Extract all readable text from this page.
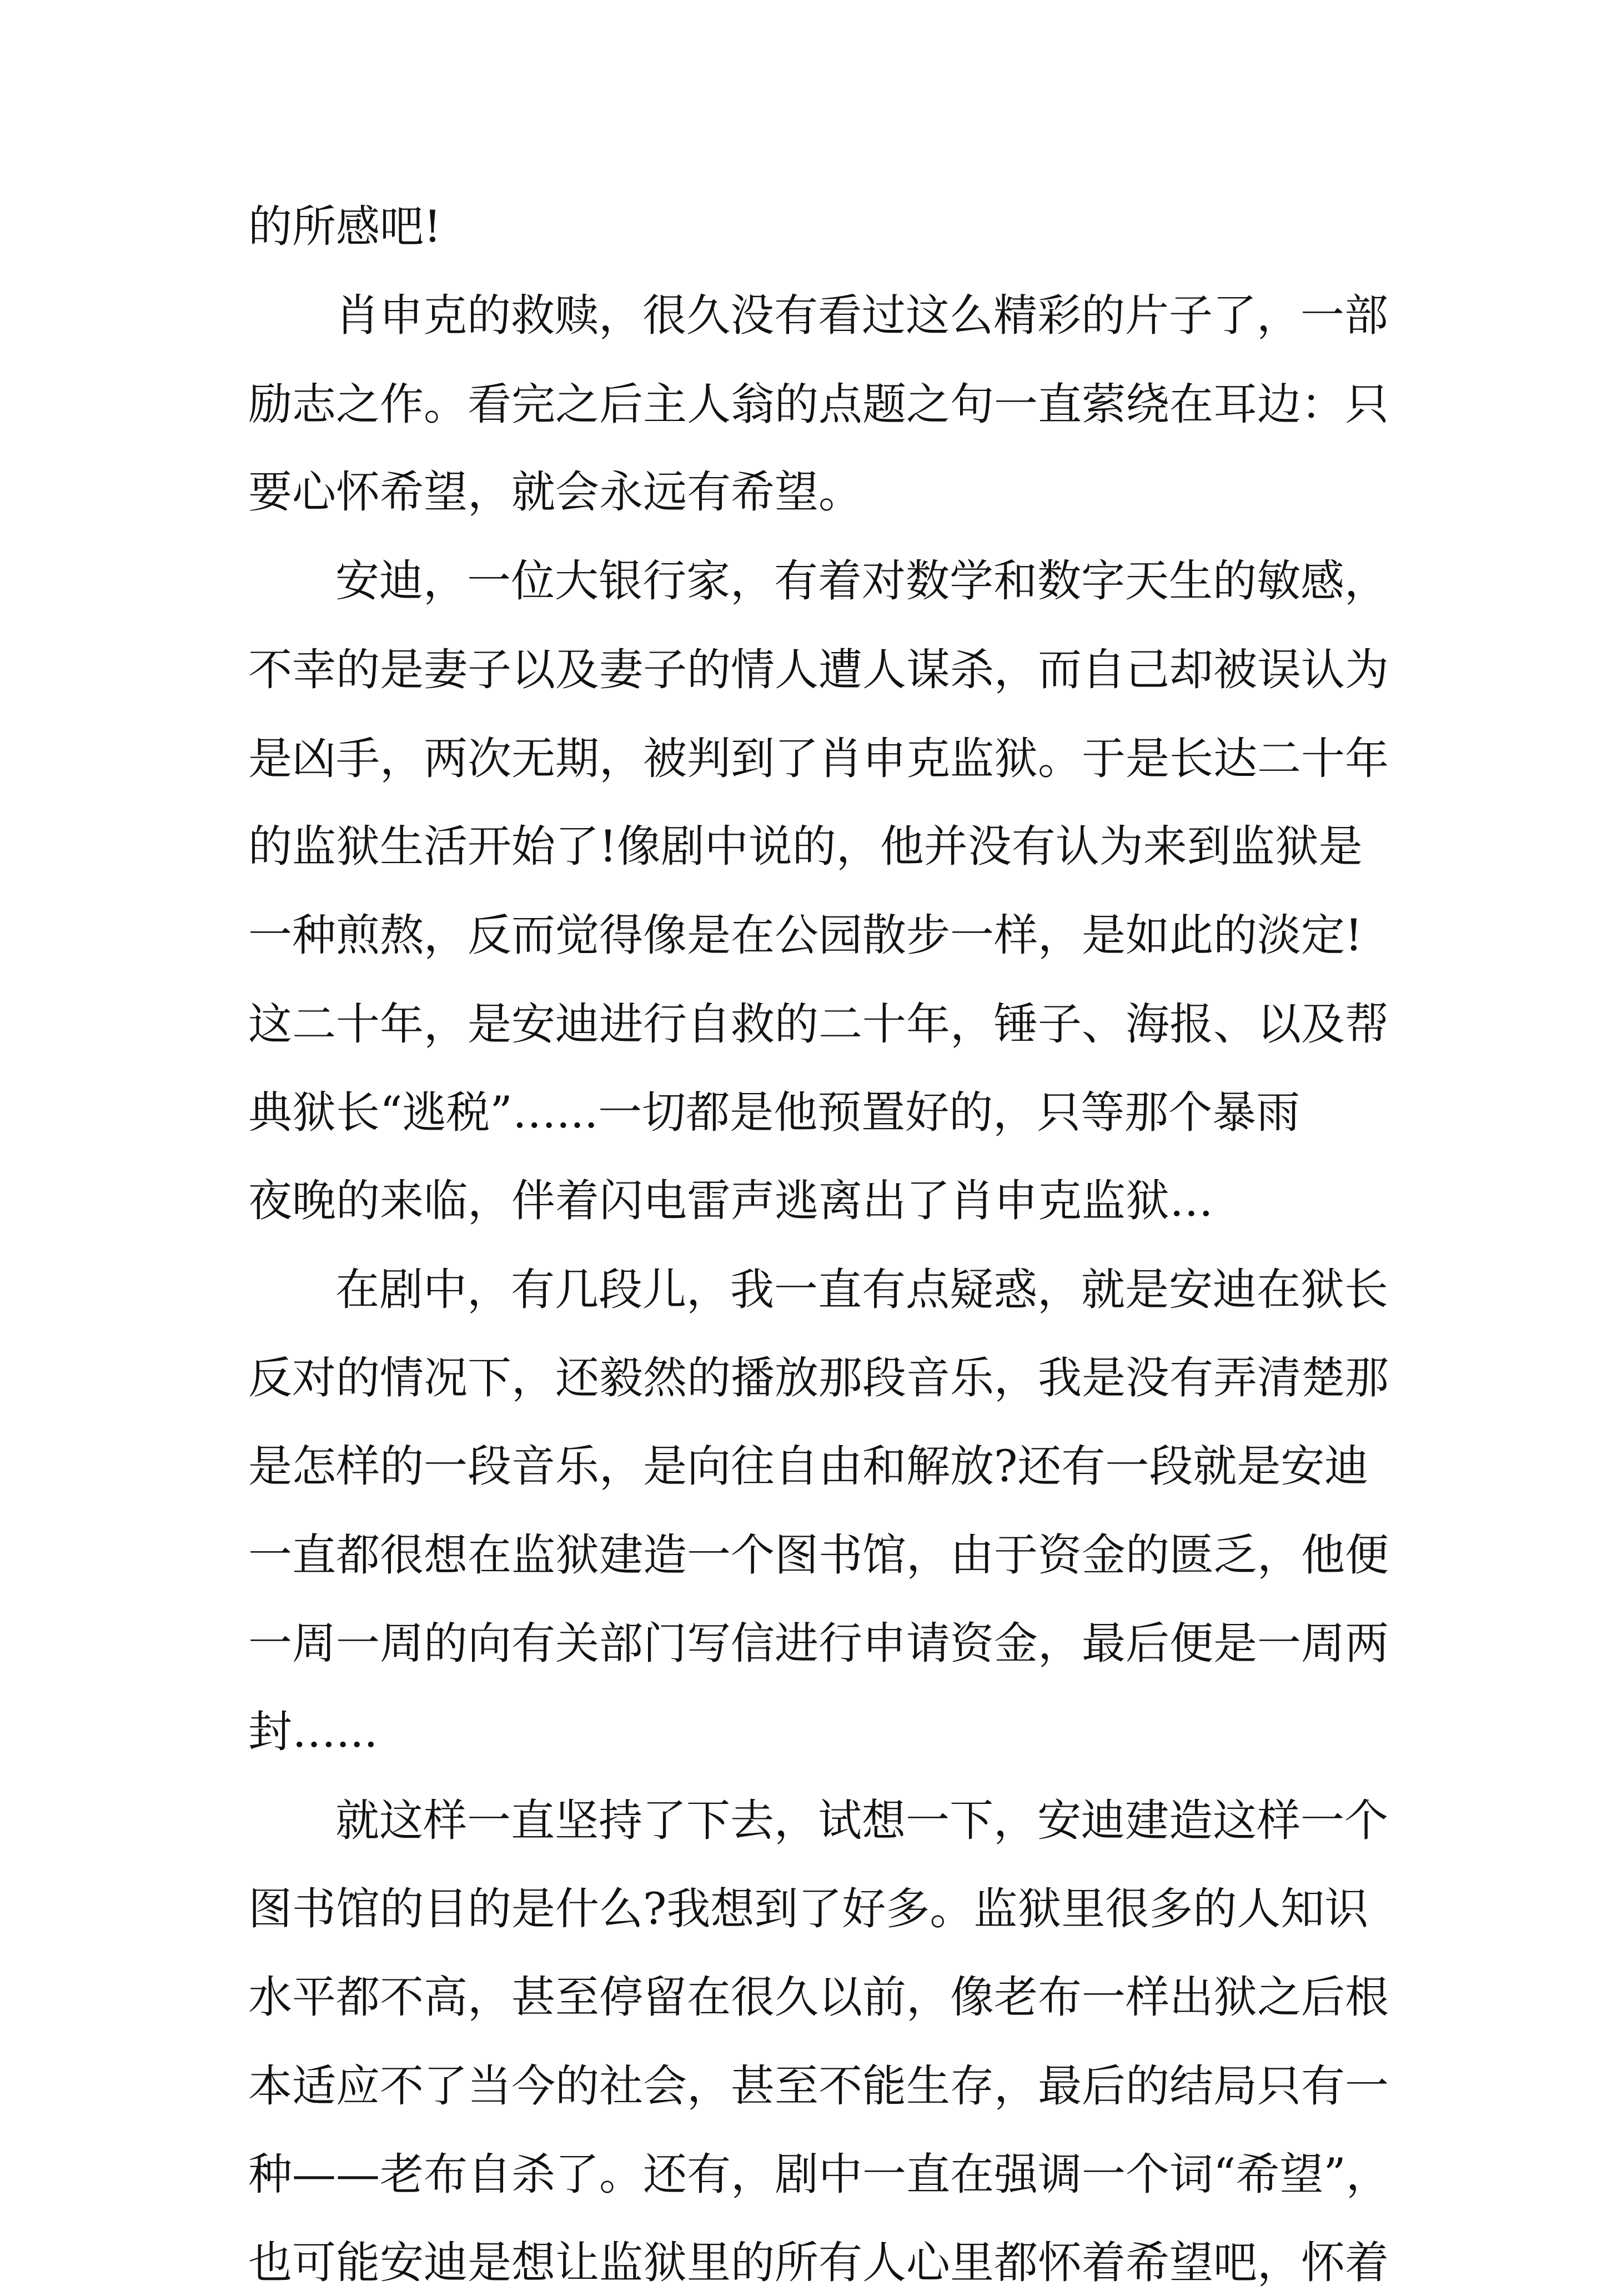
的所感吧!
肖申克的救赎，很久没有看过这么精彩的片子了，一部
励志之作。看完之后主人翁的点题之句一直萦绕在耳边：只
要心怀希望，就会永远有希望。
安迪，一位大银行家，有着对数学和数字天生的敏感，
不幸的是妻子以及妻子的情人遭人谋杀，而自己却被误认为
是凶手，两次无期，被判到了肖申克监狱。于是长达二十年
的监狱生活开始了!像剧中说的，他并没有认为来到监狱是
一种煎熬，反而觉得像是在公园散步一样，是如此的淡定!
这二十年，是安迪进行自救的二十年，锤子、海报、以及帮
典狱长“逃税”…...一切都是他预置好的，只等那个暴雨
夜晚的来临，伴着闪电雷声逃离出了肖申克监狱…
在剧中，有几段儿，我一直有点疑惑，就是安迪在狱长
反对的情况下，还毅然的播放那段音乐，我是没有弄清楚那
是怎样的一段音乐，是向往自由和解放?还有一段就是安迪
一直都很想在监狱建造一个图书馆，由于资金的匮乏，他便
一周一周的向有关部门写信进行申请资金，最后便是一周两
封…...
就这样一直坚持了下去，试想一下，安迪建造这样一个
图书馆的目的是什么?我想到了好多。监狱里很多的人知识
水平都不高，甚至停留在很久以前，像老布一样出狱之后根
本适应不了当今的社会，甚至不能生存，最后的结局只有一
种——老布自杀了。还有，剧中一直在强调一个词“希望”，
也可能安迪是想让监狱里的所有人心里都怀着希望吧，怀着
